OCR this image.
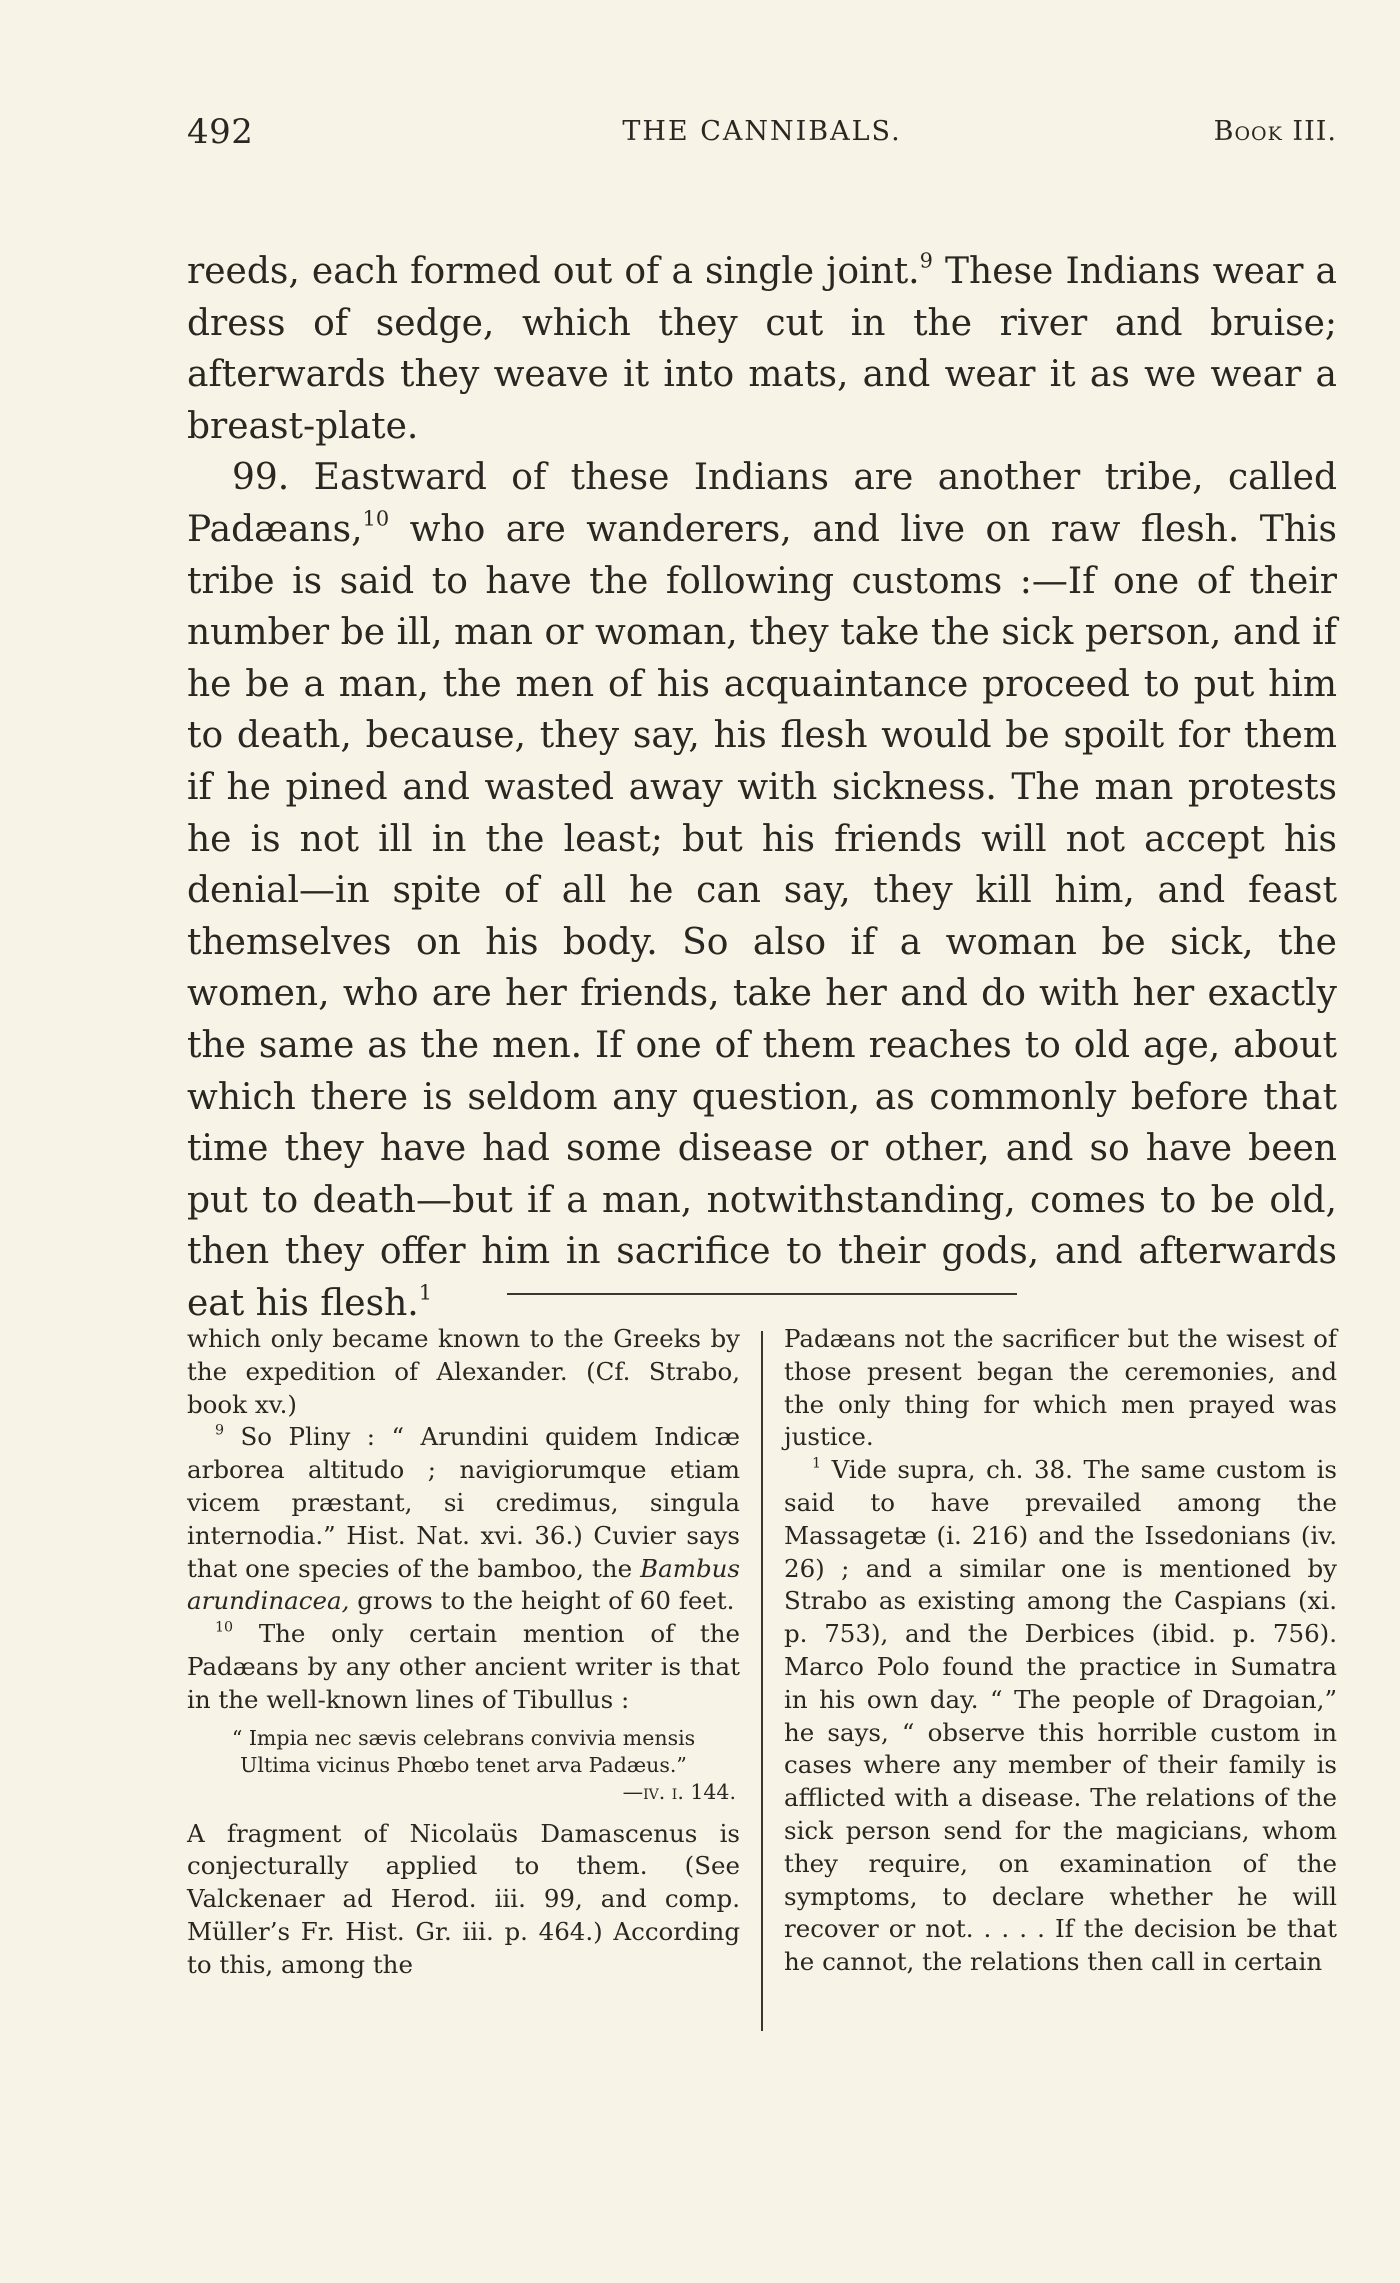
492	THE CANNIBALS.	Book III.

reeds, each formed out of a single joint.$^9$ These Indians wear a dress of sedge, which they cut in the river and bruise; afterwards they weave it into mats, and wear it as we wear a breast-plate.

99. Eastward of these Indians are another tribe, called Padæans,$^{10}$ who are wanderers, and live on raw flesh. This tribe is said to have the following customs :—If one of their number be ill, man or woman, they take the sick person, and if he be a man, the men of his acquaintance proceed to put him to death, because, they say, his flesh would be spoilt for them if he pined and wasted away with sickness. The man protests he is not ill in the least; but his friends will not accept his denial—in spite of all he can say, they kill him, and feast themselves on his body. So also if a woman be sick, the women, who are her friends, take her and do with her exactly the same as the men. If one of them reaches to old age, about which there is seldom any question, as commonly before that time they have had some disease or other, and so have been put to death—but if a man, notwithstanding, comes to be old, then they offer him in sacrifice to their gods, and afterwards eat his flesh.$^1$

which only became known to the Greeks by the expedition of Alexander. (Cf. Strabo, book xv.)

$^9$ So Pliny : “ Arundini quidem Indicæ arborea altitudo ; navigiorumque etiam vicem præstant, si credimus, singula internodia.” Hist. Nat. xvi. 36.) Cuvier says that one species of the bamboo, the Bambus arundinacea, grows to the height of 60 feet.

$^{10}$ The only certain mention of the Padæans by any other ancient writer is that in the well-known lines of Tibullus :

“ Impia nec sævis celebrans convivia mensis
Ultima vicinus Phœbo tenet arva Padæus.”
—iv. i. 144.

A fragment of Nicolaüs Damascenus is conjecturally applied to them. (See Valckenaer ad Herod. iii. 99, and comp. Müller’s Fr. Hist. Gr. iii. p. 464.) According to this, among the

Padæans not the sacrificer but the wisest of those present began the ceremonies, and the only thing for which men prayed was justice.

$^1$ Vide supra, ch. 38. The same custom is said to have prevailed among the Massagetæ (i. 216) and the Issedonians (iv. 26) ; and a similar one is mentioned by Strabo as existing among the Caspians (xi. p. 753), and the Derbices (ibid. p. 756). Marco Polo found the practice in Sumatra in his own day. “ The people of Dragoian,” he says, “ observe this horrible custom in cases where any member of their family is afflicted with a disease. The relations of the sick person send for the magicians, whom they require, on examination of the symptoms, to declare whether he will recover or not. . . . . If the decision be that he cannot, the relations then call in certain
